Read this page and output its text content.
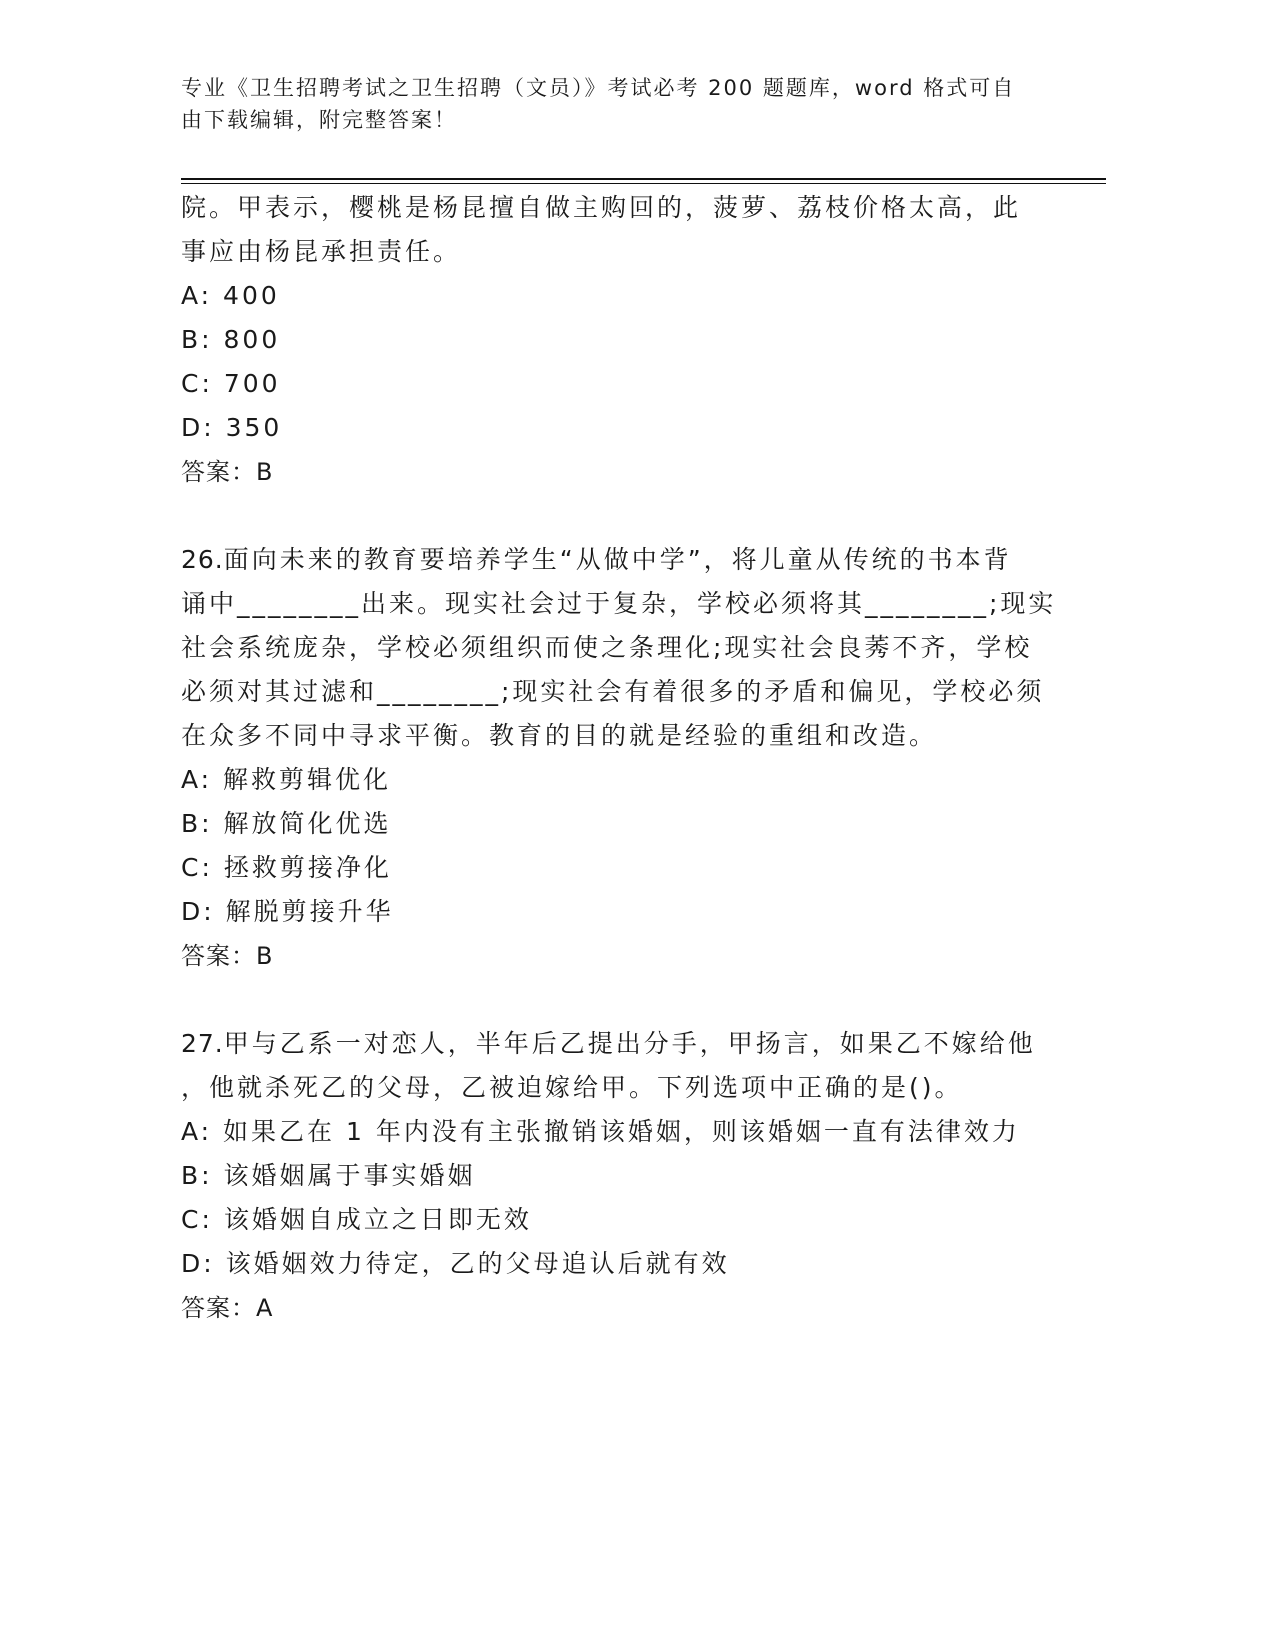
专业《卫生招聘考试之卫生招聘（文员）》考试必考 200 题题库，word 格式可自
由下载编辑，附完整答案！
院。甲表示，樱桃是杨昆擅自做主购回的，菠萝、荔枝价格太高，此
事应由杨昆承担责任。
A: 400
B: 800
C: 700
D: 350
答案：B
26.面向未来的教育要培养学生“从做中学”，将儿童从传统的书本背
诵中________出来。现实社会过于复杂，学校必须将其________;现实
社会系统庞杂，学校必须组织而使之条理化;现实社会良莠不齐，学校
必须对其过滤和________;现实社会有着很多的矛盾和偏见，学校必须
在众多不同中寻求平衡。教育的目的就是经验的重组和改造。
A: 解救剪辑优化
B: 解放简化优选
C: 拯救剪接净化
D: 解脱剪接升华
答案：B
27.甲与乙系一对恋人，半年后乙提出分手，甲扬言，如果乙不嫁给他
，他就杀死乙的父母，乙被迫嫁给甲。下列选项中正确的是()。
A: 如果乙在 1 年内没有主张撤销该婚姻，则该婚姻一直有法律效力
B: 该婚姻属于事实婚姻
C: 该婚姻自成立之日即无效
D: 该婚姻效力待定，乙的父母追认后就有效
答案：A
